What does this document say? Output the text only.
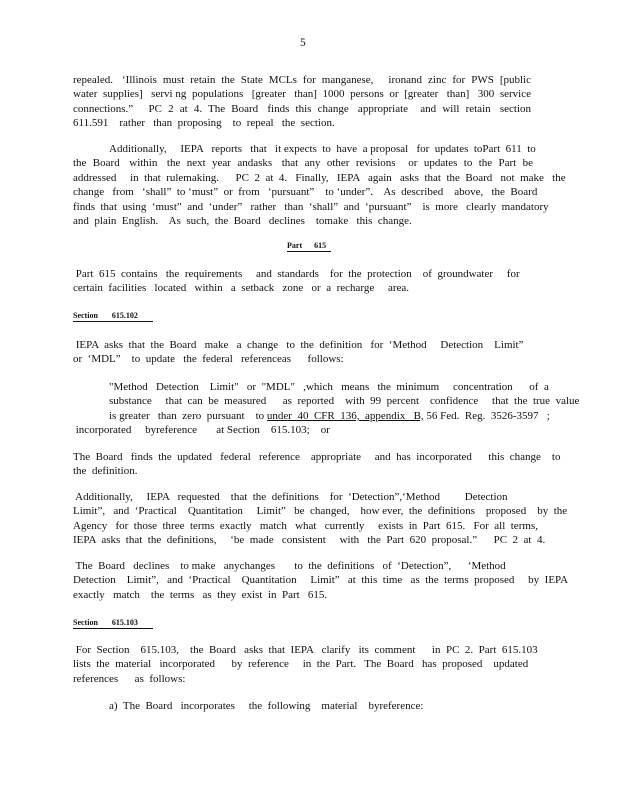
5
repealed.   ‘Illinois  must  retain  the  State  MCLs  for  manganese,     ironand  zinc  for  PWS  [public
water  supplies]   servi ng  populations   [greater   than]  1000  persons  or  [greater   than]   300  service
connections.”     PC  2  at  4.  The  Board   finds  this  change   appropriate    and  will  retain   section
611.591    rather   than  proposing    to  repeal   the  section.
Additionally,     IEPA   reports   that   it expects  to  have  a proposal   for  updates  toPart  611  to
the  Board   within   the  next  year  andasks   that  any  other  revisions    or  updates  to  the  Part  be
addressed     in  that  rulemaking.      PC  2  at  4.   Finally,   IEPA   again   asks  that  the  Board   not  make   the
change   from   ‘shall”  to ‘must”  or  from   ‘pursuant”    to ‘under”.    As  described    above,   the  Board
finds  that  using  ‘must”  and  ‘under”   rather   than  ‘shall”  and  ‘pursuant”    is  more   clearly  mandatory
and  plain  English.    As  such,  the  Board   declines    tomake   this  change.
Part      615
Part  615  contains   the  requirements     and  standards    for  the  protection    of  groundwater     for
certain  facilities   located   within   a  setback   zone   or  a  recharge     area.
Section       615.102
IEPA  asks  that  the  Board   make   a  change   to  the  definition   for  ‘Method     Detection    Limit”
or  ‘MDL”    to  update   the  federal   referenceas      follows:
"Method   Detection    Limit"   or  "MDL"   ,which   means   the  minimum     concentration      of  a
substance     that  can  be  measured      as  reported    with  99  percent    confidence     that  the  true  value
is greater   than  zero  pursuant    to under  40  CFR  136,  appendix   B, 56 Fed.  Reg.  3526-3597   ;
incorporated     byreference       at Section    615.103;    or
The  Board   finds  the  updated   federal   reference    appropriate     and  has  incorporated      this  change    to
the  definition.
Additionally,     IEPA   requested    that  the  definitions    for  ‘Detection”,‘Method         Detection
Limit”,   and  ‘Practical    Quantitation     Limit”   be  changed,    how ever,  the  definitions    proposed    by  the
Agency   for  those  three  terms  exactly   match   what   currently     exists  in  Part  615.   For  all  terms,
IEPA  asks  that  the  definitions,     ‘be  made   consistent     with   the  Part  620  proposal.”      PC  2  at  4.
The  Board   declines    to make   anychanges       to  the  definitions   of  ‘Detection”,      ‘Method
Detection    Limit”,   and  ‘Practical    Quantitation     Limit”   at  this  time   as  the  terms  proposed     by  IEPA
exactly   match    the  terms   as  they  exist  in  Part   615.
Section       615.103
For  Section    615.103,    the  Board   asks  that  IEPA   clarify   its  comment      in  PC  2.  Part  615.103
lists  the  material   incorporated      by  reference     in  the  Part.   The  Board   has  proposed    updated
references      as  follows:
a)  The  Board   incorporates     the  following    material    byreference:
